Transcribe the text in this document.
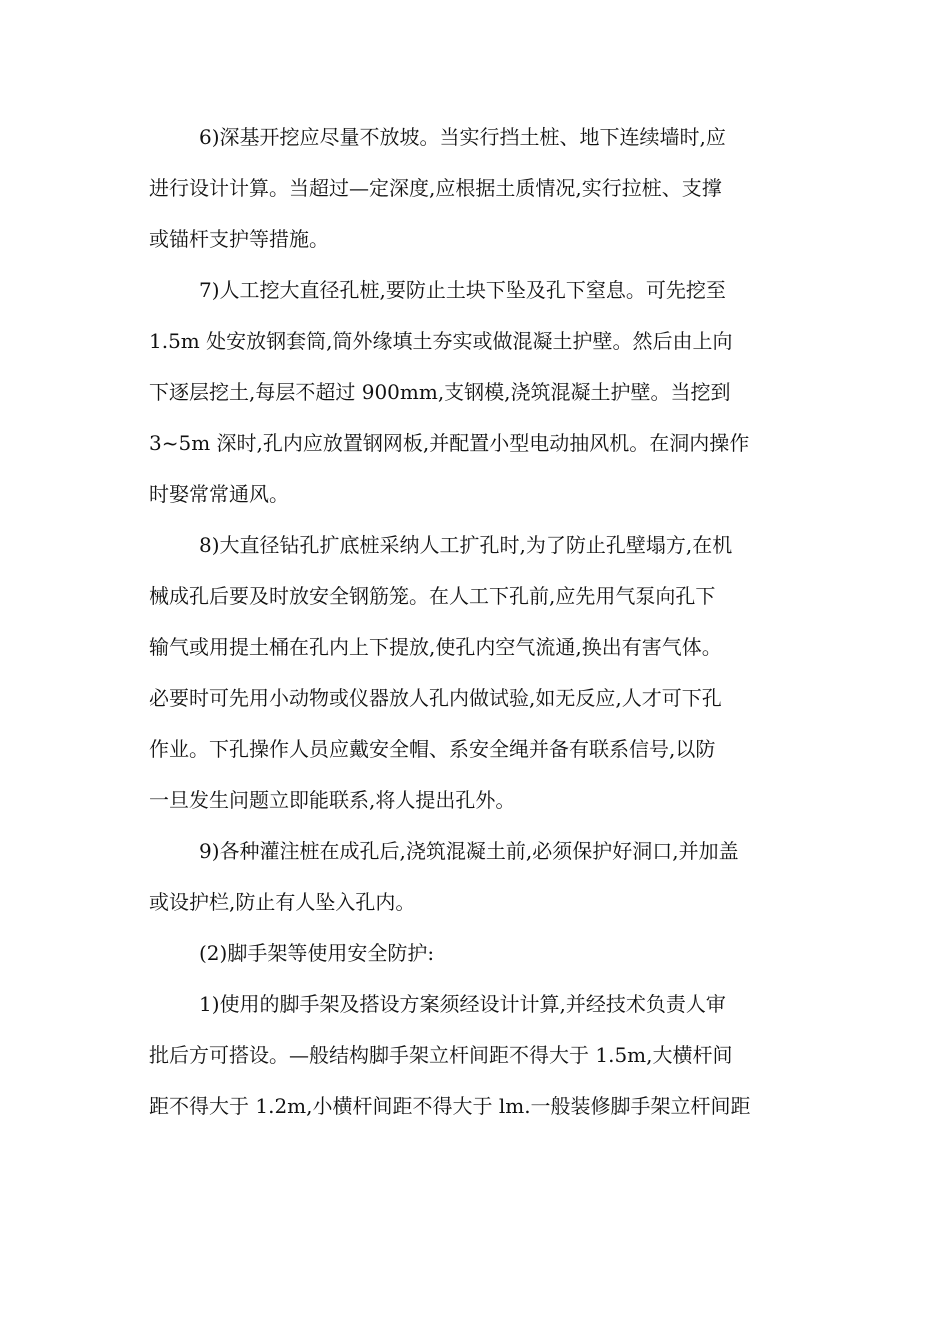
6)深基开挖应尽量不放坡。当实行挡土桩、地下连续墙时,应
进行设计计算。当超过—定深度,应根据土质情况,实行拉桩、支撑
或锚杆支护等措施。
7)人工挖大直径孔桩,要防止土块下坠及孔下窒息。可先挖至
1.5m 处安放钢套筒,筒外缘填土夯实或做混凝土护壁。然后由上向
下逐层挖土,每层不超过 900mm,支钢模,浇筑混凝土护壁。当挖到
3~5m 深时,孔内应放置钢网板,并配置小型电动抽风机。在洞内操作
时娶常常通风。
8)大直径钻孔扩底桩采纳人工扩孔时,为了防止孔壁塌方,在机
械成孔后要及时放安全钢筋笼。在人工下孔前,应先用气泵向孔下
输气或用提土桶在孔内上下提放,使孔内空气流通,换出有害气体。
必要时可先用小动物或仪器放人孔内做试验,如无反应,人才可下孔
作业。下孔操作人员应戴安全帽、系安全绳并备有联系信号,以防
一旦发生问题立即能联系,将人提出孔外。
9)各种灌注桩在成孔后,浇筑混凝土前,必须保护好洞口,并加盖
或设护栏,防止有人坠入孔内。
(2)脚手架等使用安全防护:
1)使用的脚手架及搭设方案须经设计计算,并经技术负责人审
批后方可搭设。—般结构脚手架立杆间距不得大于 1.5m,大横杆间
距不得大于 1.2m,小横杆间距不得大于 lm.一般装修脚手架立杆间距
